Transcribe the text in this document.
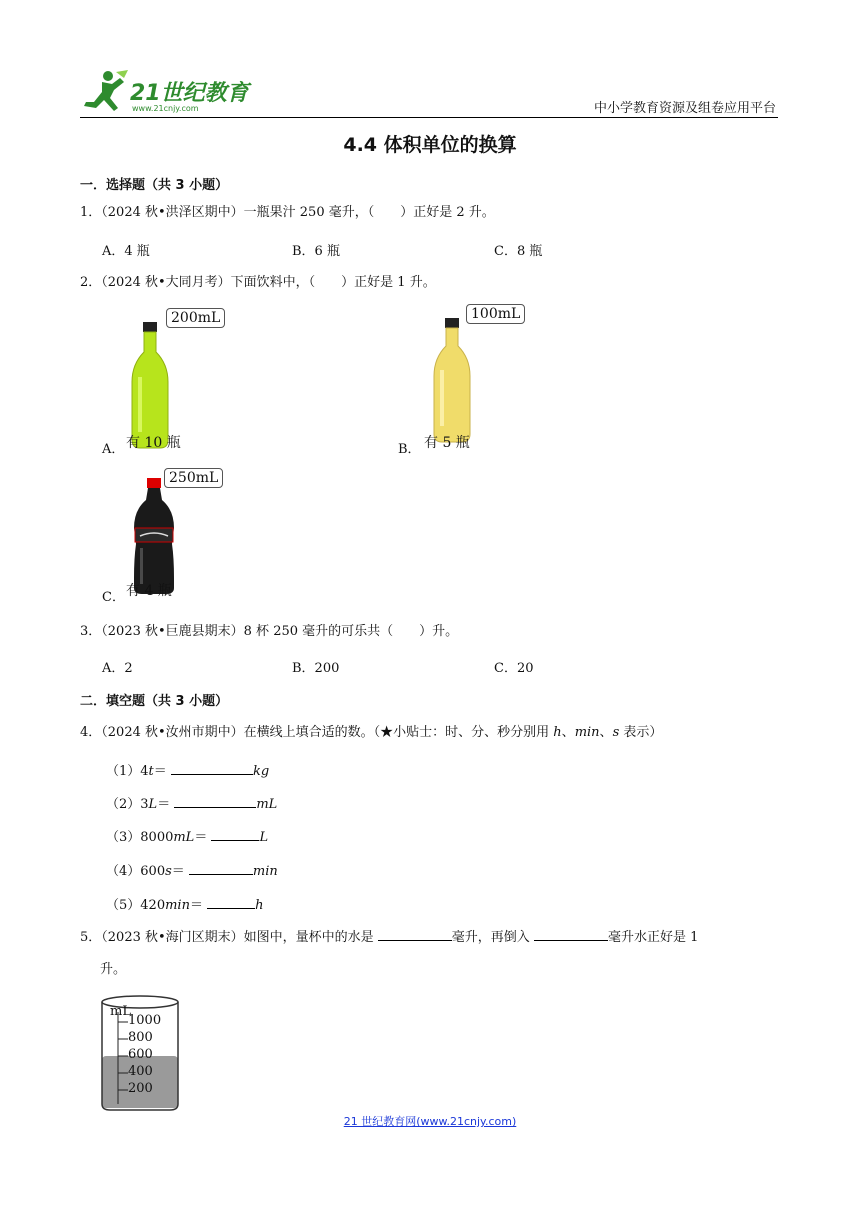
21世纪教育
www.21cnjy.com	中小学教育资源及组卷应用平台
4.4 体积单位的换算
一．选择题（共 3 小题）
1．（2024 秋•洪泽区期中）一瓶果汁 250 毫升，（　　）正好是 2 升。
A．4 瓶	B．6 瓶	C．8 瓶
2．（2024 秋•大同月考）下面饮料中，（　　）正好是 1 升。
200mL
A． 有 10 瓶
100mL
B． 有 5 瓶
250mL
C． 有 4 瓶
3．（2023 秋•巨鹿县期末）8 杯 250 毫升的可乐共（　　）升。
A．2	B．200	C．20
二．填空题（共 3 小题）
4．（2024 秋•汝州市期中）在横线上填合适的数。（★小贴士：时、分、秒分别用 h、min、s 表示）
（1）4t＝	kg
（2）3L＝	mL
（3）8000mL＝	L
（4）600s＝	min
（5）420min＝	h
5．（2023 秋•海门区期末）如图中，量杯中的水是	毫升，再倒入	毫升水正好是 1
升。
mL
1000
800
600
400
200
21 世纪教育网(www.21cnjy.com)
